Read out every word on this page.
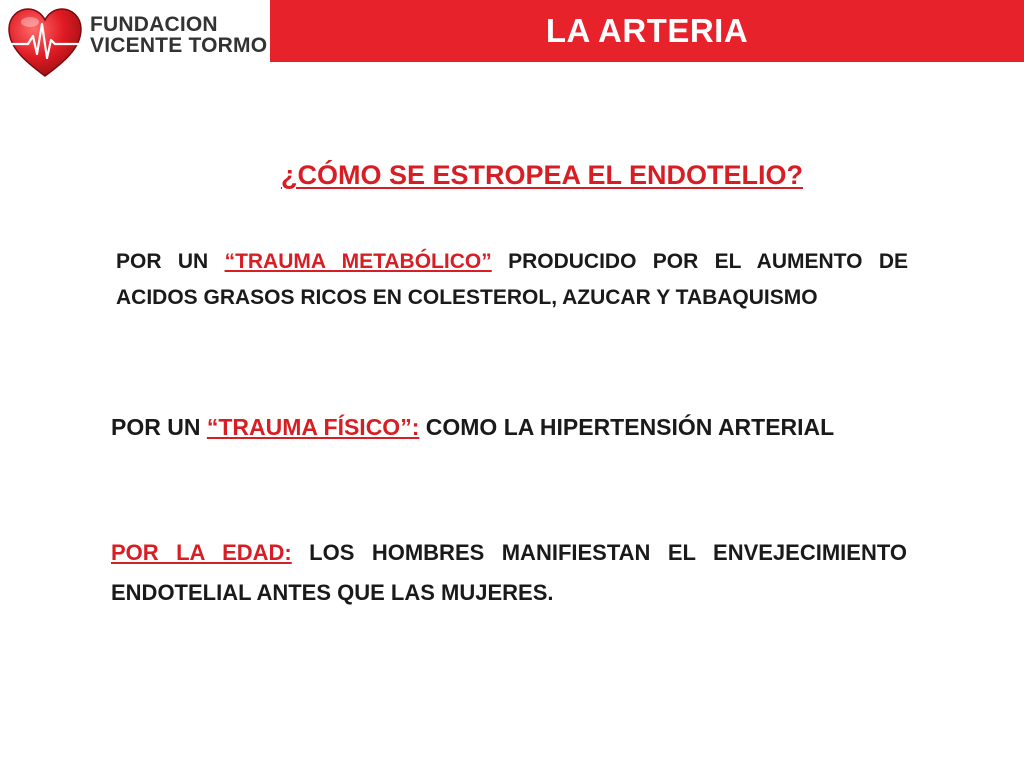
FUNDACION
VICENTE TORMO	LA ARTERIA
¿CÓMO SE ESTROPEA EL ENDOTELIO?
POR UN “TRAUMA METABÓLICO” PRODUCIDO POR EL AUMENTO DE ACIDOS GRASOS RICOS EN COLESTEROL, AZUCAR Y TABAQUISMO
POR UN “TRAUMA FÍSICO”: COMO LA HIPERTENSIÓN ARTERIAL
POR LA EDAD: LOS HOMBRES MANIFIESTAN EL ENVEJECIMIENTO ENDOTELIAL ANTES QUE LAS MUJERES.
